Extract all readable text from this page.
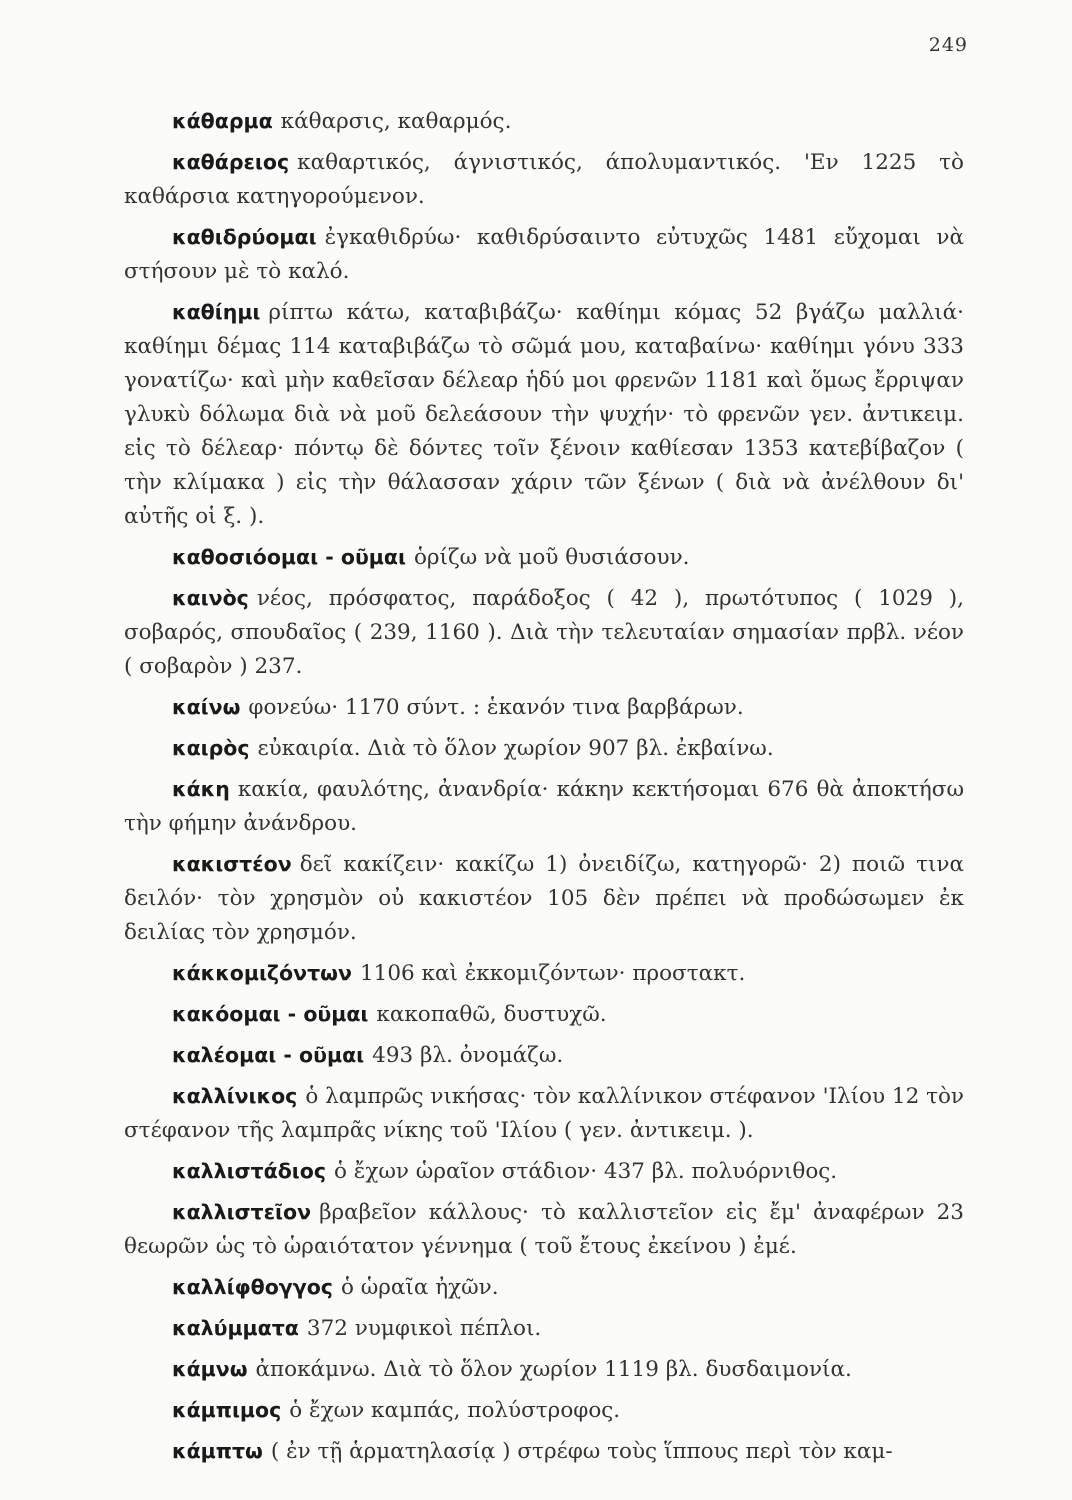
249

κάθαρμα κάθαρσις, καθαρμός.

καθάρειος καθαρτικός, άγνιστικός, άπολυμαντικός. 'Εν 1225 τὸ καθάρσια κατηγορούμενον.

καθιδρύομαι ἐγκαθιδρύω· καθιδρύσαιντο εὐτυχῶς 1481 εὔχομαι νὰ στήσουν μὲ τὸ καλό.

καθίημι ρίπτω κάτω, καταβιβάζω· καθίημι κόμας 52 βγάζω μαλλιά· καθίημι δέμας 114 καταβιβάζω τὸ σῶμά μου, καταβαίνω· καθίημι γόνυ 333 γονατίζω· καὶ μὴν καθεῖσαν δέλεαρ ἡδύ μοι φρενῶν 1181 καὶ ὅμως ἔρριψαν γλυκὺ δόλωμα διὰ νὰ μοῦ δελεάσουν τὴν ψυχήν· τὸ φρενῶν γεν. ἀντικειμ. εἰς τὸ δέλεαρ· πόντῳ δὲ δόντες τοῖν ξένοιν καθίεσαν 1353 κατεβίβαζον ( τὴν κλίμακα ) εἰς τὴν θάλασσαν χάριν τῶν ξένων ( διὰ νὰ ἀνέλθουν δι' αὐτῆς οἱ ξ. ).

καθοσιόομαι - οῦμαι ὁρίζω νὰ μοῦ θυσιάσουν.

καινὸς νέος, πρόσφατος, παράδοξος ( 42 ), πρωτότυπος ( 1029 ), σοβαρός, σπουδαῖος ( 239, 1160 ). Διὰ τὴν τελευταίαν σημασίαν πρβλ. νέον ( σοβαρὸν ) 237.

καίνω φονεύω· 1170 σύντ. : ἑκανόν τινα βαρβάρων.

καιρὸς εὐκαιρία. Διὰ τὸ ὅλον χωρίον 907 βλ. ἐκβαίνω.

κάκη κακία, φαυλότης, ἀνανδρία· κάκην κεκτήσομαι 676 θὰ ἀποκτήσω τὴν φήμην ἀνάνδρου.

κακιστέον δεῖ κακίζειν· κακίζω 1) ὀνειδίζω, κατηγορῶ· 2) ποιῶ τινα δειλόν· τὸν χρησμὸν οὐ κακιστέον 105 δὲν πρέπει νὰ προδώσωμεν ἐκ δειλίας τὸν χρησμόν.

κάκκομιζόντων 1106 καὶ ἐκκομιζόντων· προστακτ.

κακόομαι - οῦμαι κακοπαθῶ, δυστυχῶ.

καλέομαι - οῦμαι 493 βλ. ὀνομάζω.

καλλίνικος ὁ λαμπρῶς νικήσας· τὸν καλλίνικον στέφανον 'Ιλίου 12 τὸν στέφανον τῆς λαμπρᾶς νίκης τοῦ 'Ιλίου ( γεν. ἀντικειμ. ).

καλλιστάδιος ὁ ἔχων ὡραῖον στάδιον· 437 βλ. πολυόρνιθος.

καλλιστεῖον βραβεῖον κάλλους· τὸ καλλιστεῖον εἰς ἔμ' ἀναφέρων 23 θεωρῶν ὡς τὸ ὡραιότατον γέννημα ( τοῦ ἔτους ἐκείνου ) ἐμέ.

καλλίφθογγος ὁ ὡραῖα ἠχῶν.

καλύμματα 372 νυμφικοὶ πέπλοι.

κάμνω ἀποκάμνω. Διὰ τὸ ὅλον χωρίον 1119 βλ. δυσδαιμονία.

κάμπιμος ὁ ἔχων καμπάς, πολύστροφος.

κάμπτω ( ἐν τῇ ἁρματηλασίᾳ ) στρέφω τοὺς ἵππους περὶ τὸν καμ-
